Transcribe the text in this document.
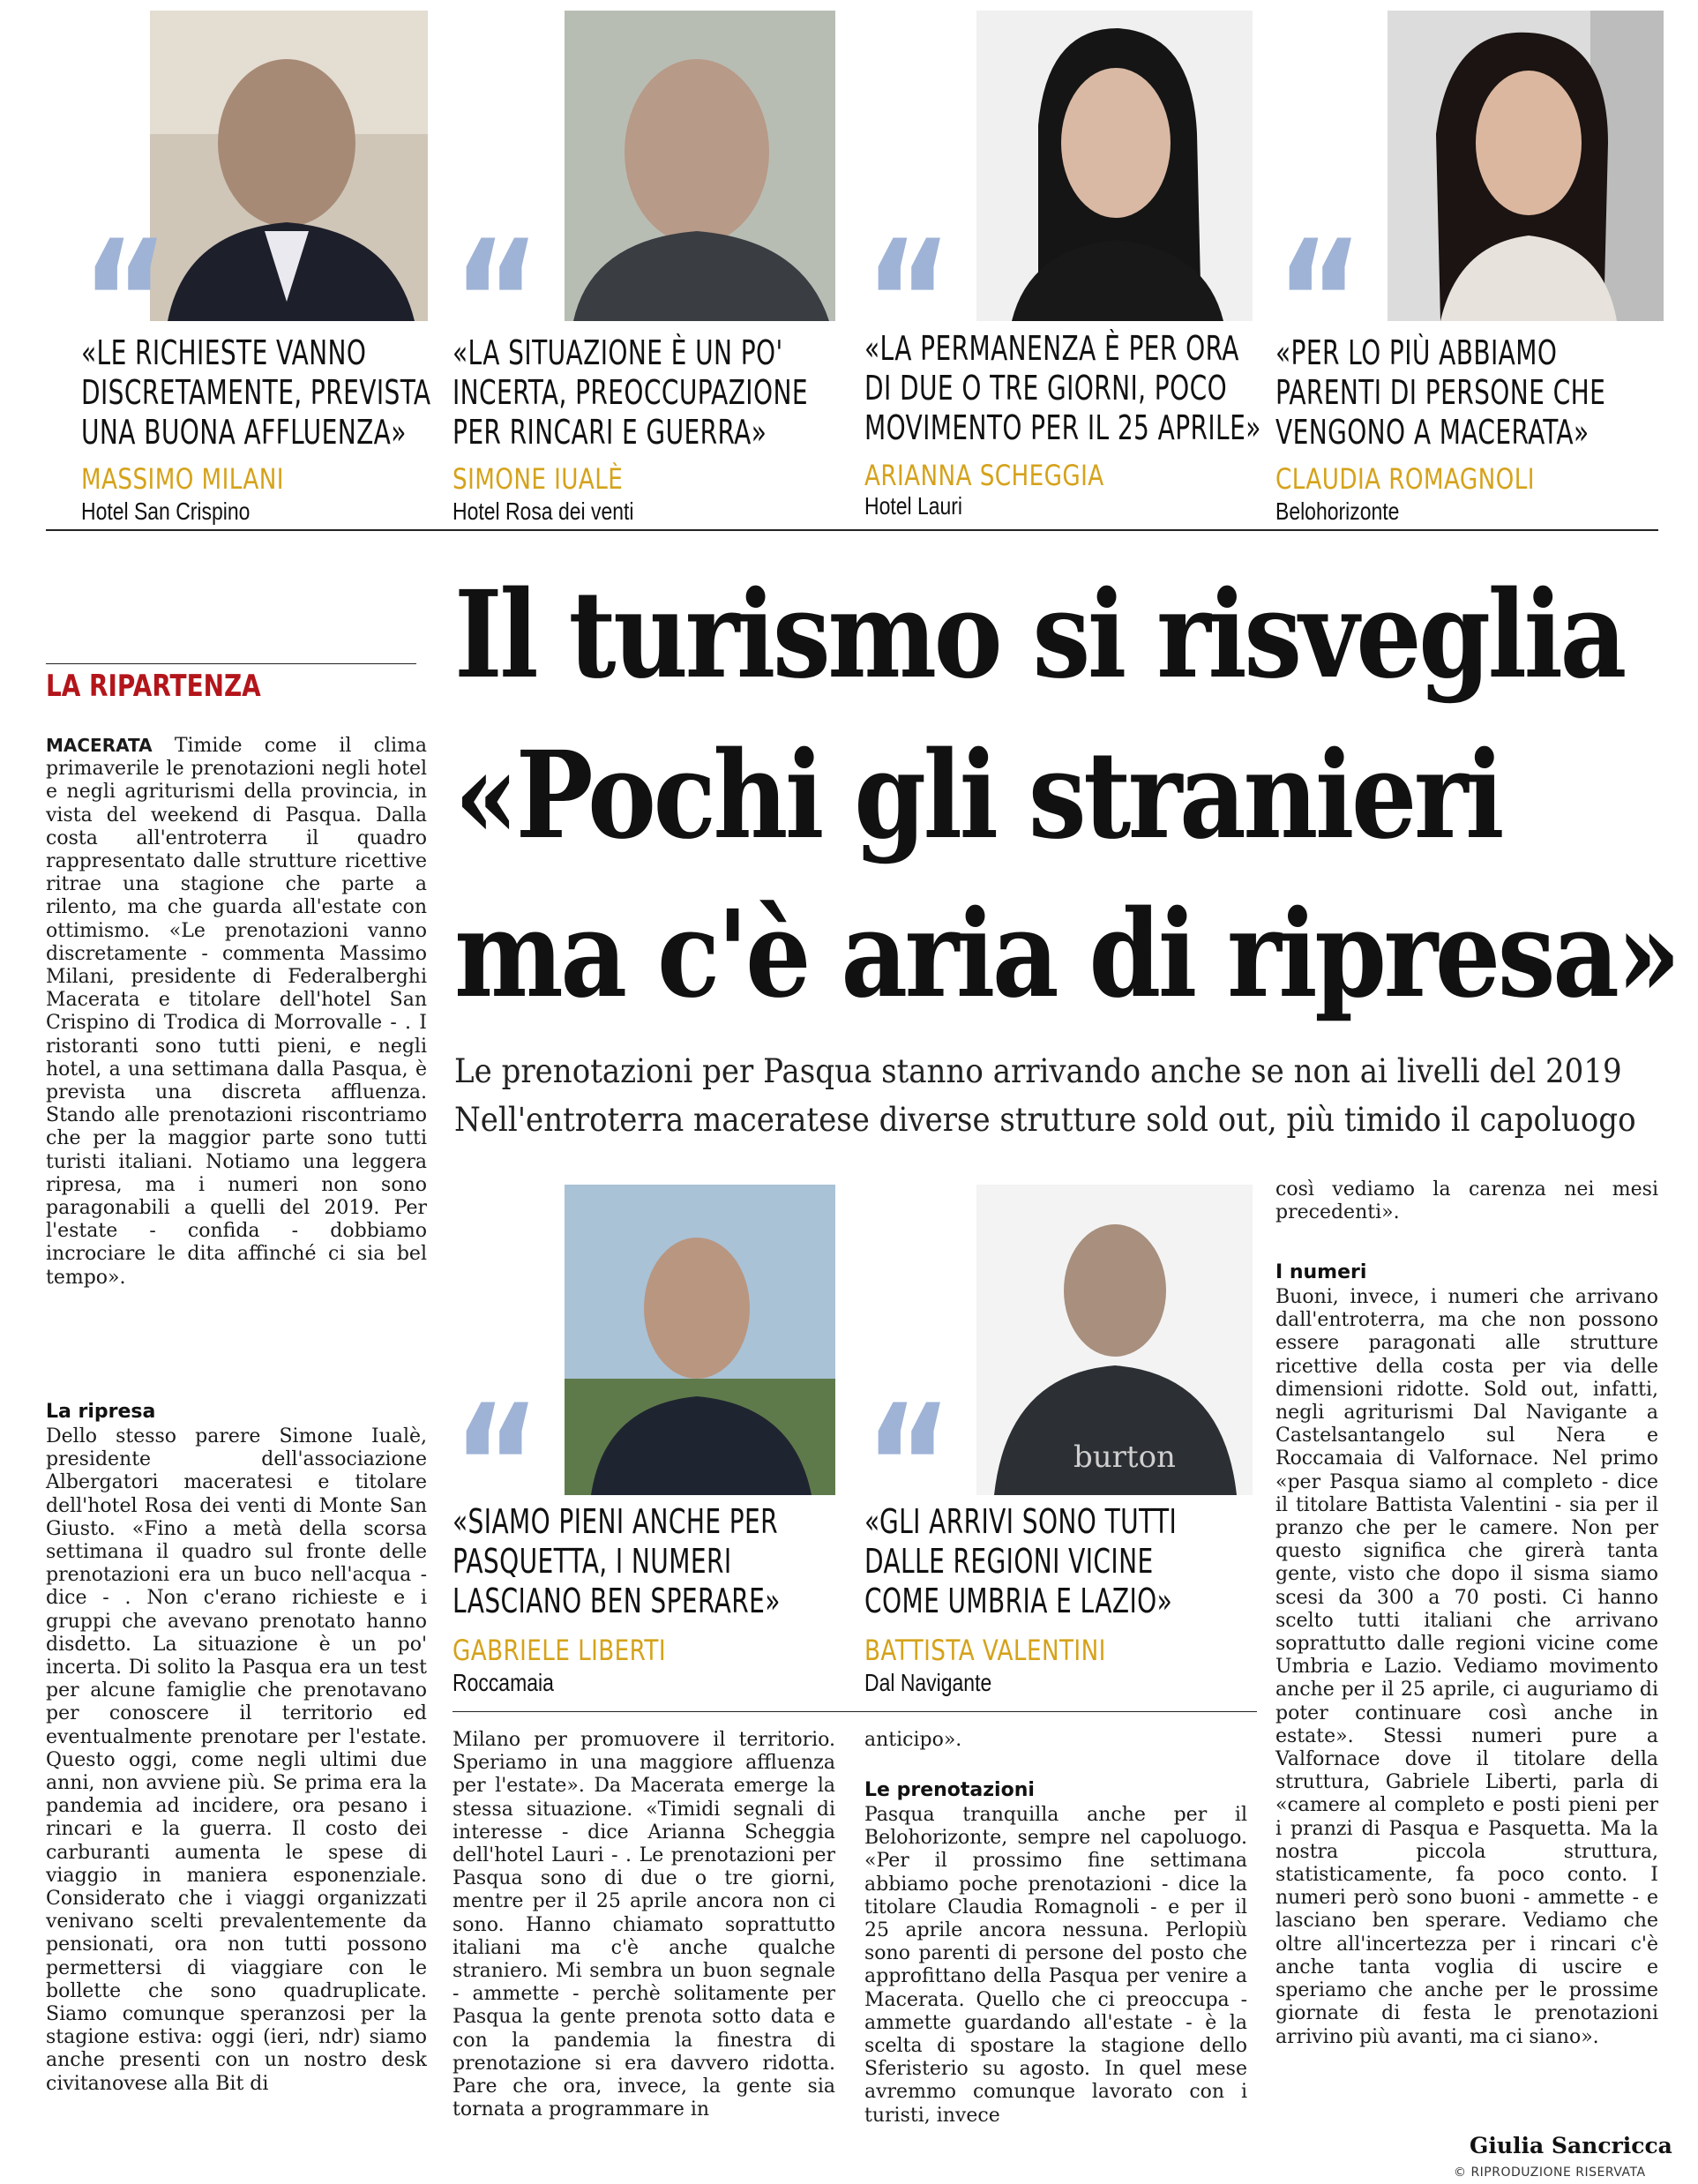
“
«LE RICHIESTE VANNO
DISCRETAMENTE, PREVISTA
UNA BUONA AFFLUENZA»
MASSIMO MILANI
Hotel San Crispino
“
«LA SITUAZIONE È UN PO'
INCERTA, PREOCCUPAZIONE
PER RINCARI E GUERRA»
SIMONE IUALÈ
Hotel Rosa dei venti
“
«LA PERMANENZA È PER ORA
DI DUE O TRE GIORNI, POCO
MOVIMENTO PER IL 25 APRILE»
ARIANNA SCHEGGIA
Hotel Lauri
“
«PER LO PIÙ ABBIAMO
PARENTI DI PERSONE CHE
VENGONO A MACERATA»
CLAUDIA ROMAGNOLI
Belohorizonte
Il turismo si risveglia
«Pochi gli stranieri
ma c'è aria di ripresa»
Le prenotazioni per Pasqua stanno arrivando anche se non ai livelli del 2019
Nell'entroterra maceratese diverse strutture sold out, più timido il capoluogo
LA RIPARTENZA
MACERATA Timide come il clima primaverile le prenotazioni negli hotel e negli agriturismi della provincia, in vista del weekend di Pasqua. Dalla costa all'entroterra il quadro rappresentato dalle strutture ricettive ritrae una stagione che parte a rilento, ma che guarda all'estate con ottimismo. «Le prenotazioni vanno discretamente - commenta Massimo Milani, presidente di Federalberghi Macerata e titolare dell'hotel San Crispino di Trodica di Morrovalle - . I ristoranti sono tutti pieni, e negli hotel, a una settimana dalla Pasqua, è prevista una discreta affluenza. Stando alle prenotazioni riscontriamo che per la maggior parte sono tutti turisti italiani. Notiamo una leggera ripresa, ma i numeri non sono paragonabili a quelli del 2019. Per l'estate - confida - dobbiamo incrociare le dita affinché ci sia bel tempo».
La ripresa
Dello stesso parere Simone Iualè, presidente dell'associazione Albergatori maceratesi e titolare dell'hotel Rosa dei venti di Monte San Giusto. «Fino a metà della scorsa settimana il quadro sul fronte delle prenotazioni era un buco nell'acqua - dice - . Non c'erano richieste e i gruppi che avevano prenotato hanno disdetto. La situazione è un po' incerta. Di solito la Pasqua era un test per alcune famiglie che prenotavano per conoscere il territorio ed eventualmente prenotare per l'estate. Questo oggi, come negli ultimi due anni, non avviene più. Se prima era la pandemia ad incidere, ora pesano i rincari e la guerra. Il costo dei carburanti aumenta le spese di viaggio in maniera esponenziale. Considerato che i viaggi organizzati venivano scelti prevalentemente da pensionati, ora non tutti possono permettersi di viaggiare con le bollette che sono quadruplicate. Siamo comunque speranzosi per la stagione estiva: oggi (ieri, ndr) siamo anche presenti con un nostro desk civitanovese alla Bit di
“
«SIAMO PIENI ANCHE PER
PASQUETTA, I NUMERI
LASCIANO BEN SPERARE»
GABRIELE LIBERTI
Roccamaia
burton
“
«GLI ARRIVI SONO TUTTI
DALLE REGIONI VICINE
COME UMBRIA E LAZIO»
BATTISTA VALENTINI
Dal Navigante
Milano per promuovere il territorio. Speriamo in una maggiore affluenza per l'estate». Da Macerata emerge la stessa situazione. «Timidi segnali di interesse - dice Arianna Scheggia dell'hotel Lauri - . Le prenotazioni per Pasqua sono di due o tre giorni, mentre per il 25 aprile ancora non ci sono. Hanno chiamato soprattutto italiani ma c'è anche qualche straniero. Mi sembra un buon segnale - ammette - perchè solitamente per Pasqua la gente prenota sotto data e con la pandemia la finestra di prenotazione si era davvero ridotta. Pare che ora, invece, la gente sia tornata a programmare in
anticipo».
Le prenotazioni
Pasqua tranquilla anche per il Belohorizonte, sempre nel capoluogo. «Per il prossimo fine settimana abbiamo poche prenotazioni - dice la titolare Claudia Romagnoli - e per il 25 aprile ancora nessuna. Perlopiù sono parenti di persone del posto che approfittano della Pasqua per venire a Macerata. Quello che ci preoccupa - ammette guardando all'estate - è la scelta di spostare la stagione dello Sferisterio su agosto. In quel mese avremmo comunque lavorato con i turisti, invece
così vediamo la carenza nei mesi precedenti».
I numeri
Buoni, invece, i numeri che arrivano dall'entroterra, ma che non possono essere paragonati alle strutture ricettive della costa per via delle dimensioni ridotte. Sold out, infatti, negli agriturismi Dal Navigante a Castelsantangelo sul Nera e Roccamaia di Valfornace. Nel primo «per Pasqua siamo al completo - dice il titolare Battista Valentini - sia per il pranzo che per le camere. Non per questo significa che girerà tanta gente, visto che dopo il sisma siamo scesi da 300 a 70 posti. Ci hanno scelto tutti italiani che arrivano soprattutto dalle regioni vicine come Umbria e Lazio. Vediamo movimento anche per il 25 aprile, ci auguriamo di poter continuare così anche in estate». Stessi numeri pure a Valfornace dove il titolare della struttura, Gabriele Liberti, parla di «camere al completo e posti pieni per i pranzi di Pasqua e Pasquetta. Ma la nostra piccola struttura, statisticamente, fa poco conto. I numeri però sono buoni - ammette - e lasciano ben sperare. Vediamo che oltre all'incertezza per i rincari c'è anche tanta voglia di uscire e speriamo che anche per le prossime giornate di festa le prenotazioni arrivino più avanti, ma ci siano».
Giulia Sancricca
© RIPRODUZIONE RISERVATA
